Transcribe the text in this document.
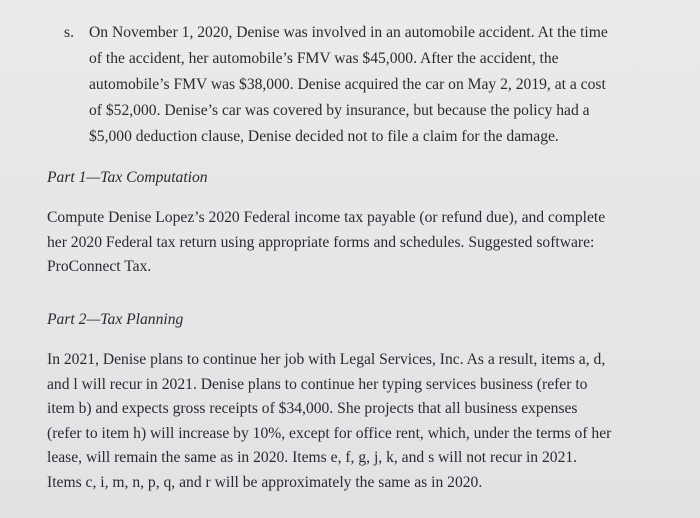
s. On November 1, 2020, Denise was involved in an automobile accident. At the time
of the accident, her automobile’s FMV was $45,000. After the accident, the
automobile’s FMV was $38,000. Denise acquired the car on May 2, 2019, at a cost
of $52,000. Denise’s car was covered by insurance, but because the policy had a
$5,000 deduction clause, Denise decided not to file a claim for the damage.
Part 1—Tax Computation
Compute Denise Lopez’s 2020 Federal income tax payable (or refund due), and complete
her 2020 Federal tax return using appropriate forms and schedules. Suggested software:
ProConnect Tax.
Part 2—Tax Planning
In 2021, Denise plans to continue her job with Legal Services, Inc. As a result, items a, d,
and l will recur in 2021. Denise plans to continue her typing services business (refer to
item b) and expects gross receipts of $34,000. She projects that all business expenses
(refer to item h) will increase by 10%, except for office rent, which, under the terms of her
lease, will remain the same as in 2020. Items e, f, g, j, k, and s will not recur in 2021.
Items c, i, m, n, p, q, and r will be approximately the same as in 2020.
